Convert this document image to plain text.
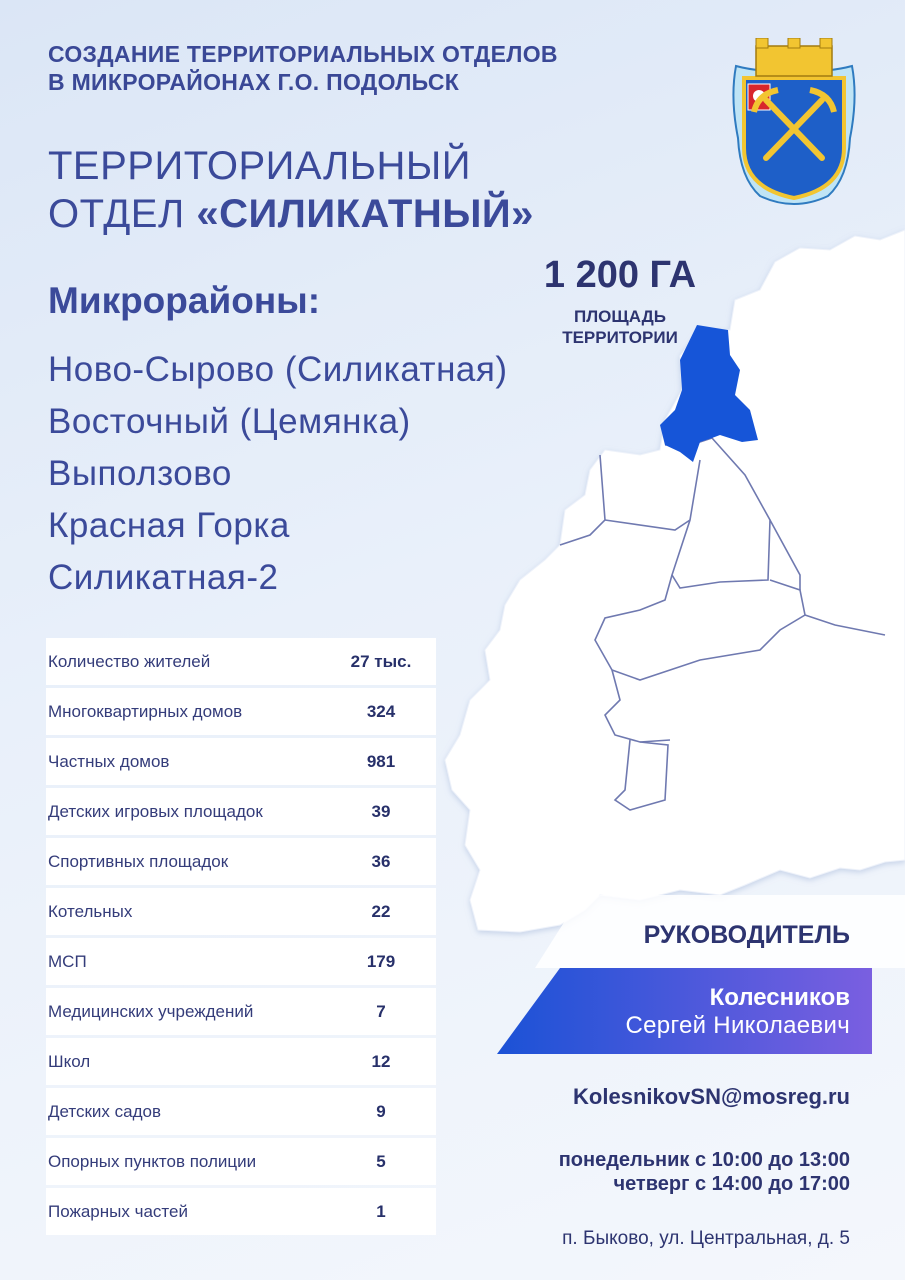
СОЗДАНИЕ ТЕРРИТОРИАЛЬНЫХ ОТДЕЛОВ
В МИКРОРАЙОНАХ Г.О. ПОДОЛЬСК
ТЕРРИТОРИАЛЬНЫЙ
ОТДЕЛ «СИЛИКАТНЫЙ»
1 200 ГА
ПЛОЩАДЬ
ТЕРРИТОРИИ
Микрорайоны:
Ново-Сырово (Силикатная)
Восточный (Цемянка)
Выползово
Красная Горка
Силикатная-2
Количество жителей	27 тыс.
Многоквартирных домов	324
Частных домов	981
Детских игровых площадок	39
Спортивных площадок	36
Котельных	22
МСП	179
Медицинских учреждений	7
Школ	12
Детских садов	9
Опорных пунктов полиции	5
Пожарных частей	1
РУКОВОДИТЕЛЬ
Колесников
Сергей Николаевич
KolesnikovSN@mosreg.ru
понедельник с 10:00 до 13:00
четверг с 14:00 до 17:00
п. Быково, ул. Центральная, д. 5
